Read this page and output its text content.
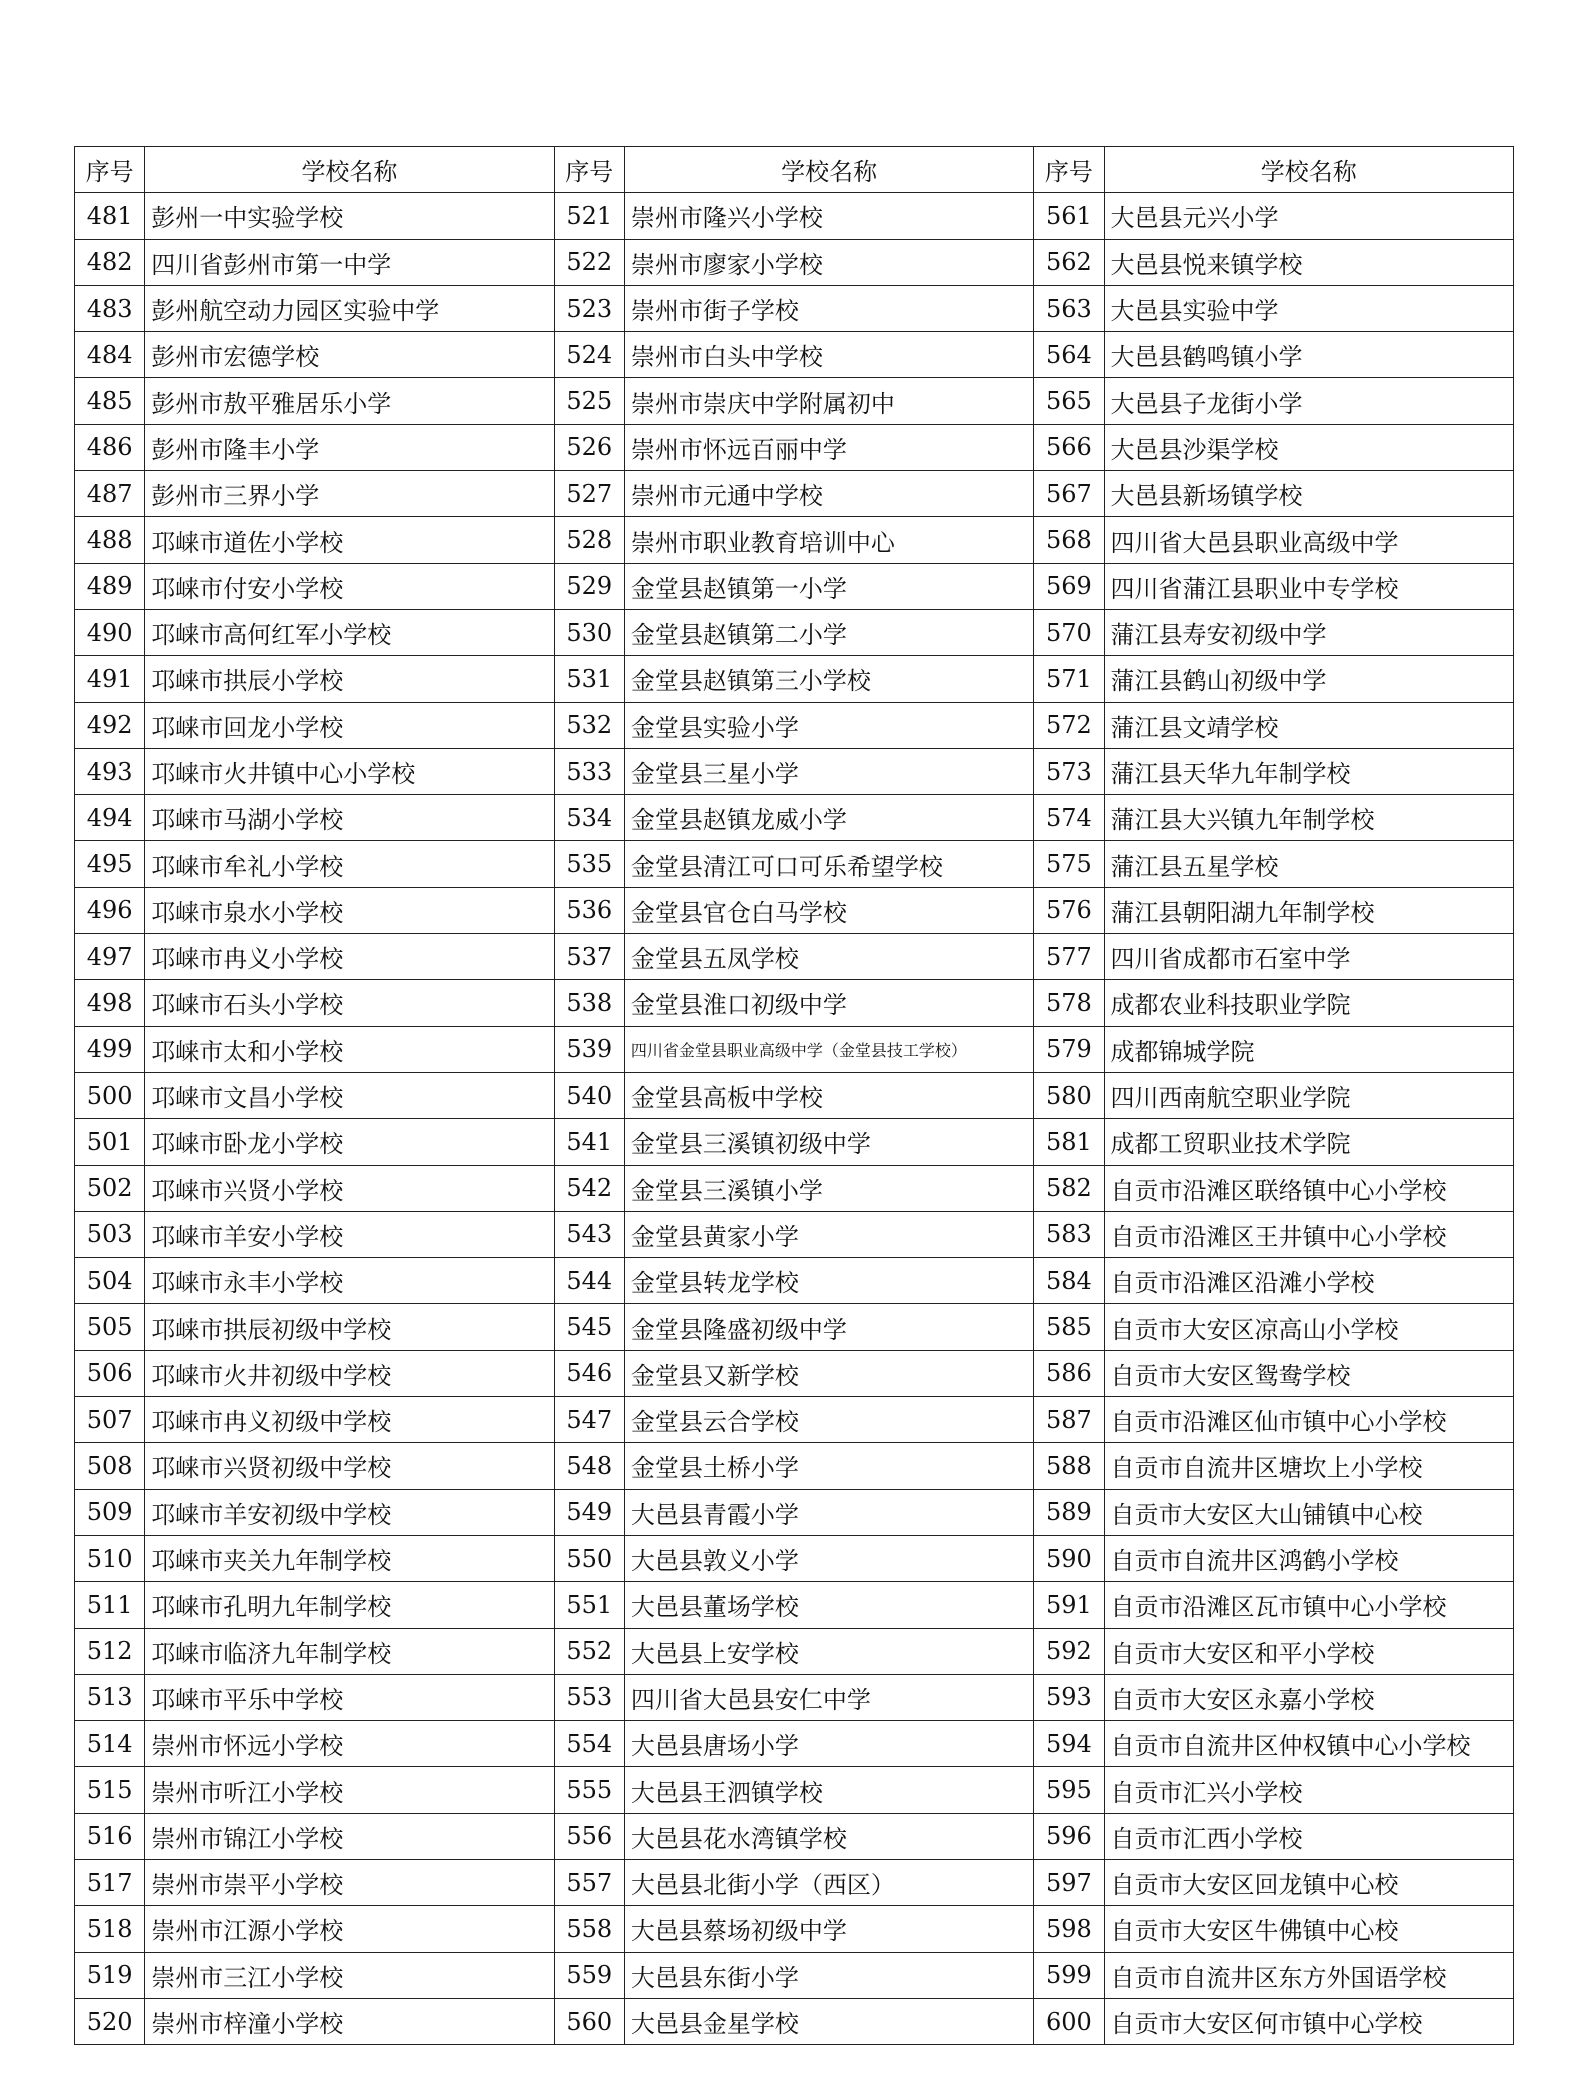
序号	学校名称	序号	学校名称	序号	学校名称
481	彭州一中实验学校	521	崇州市隆兴小学校	561	大邑县元兴小学
482	四川省彭州市第一中学	522	崇州市廖家小学校	562	大邑县悦来镇学校
483	彭州航空动力园区实验中学	523	崇州市街子学校	563	大邑县实验中学
484	彭州市宏德学校	524	崇州市白头中学校	564	大邑县鹤鸣镇小学
485	彭州市敖平雅居乐小学	525	崇州市崇庆中学附属初中	565	大邑县子龙街小学
486	彭州市隆丰小学	526	崇州市怀远百丽中学	566	大邑县沙渠学校
487	彭州市三界小学	527	崇州市元通中学校	567	大邑县新场镇学校
488	邛崃市道佐小学校	528	崇州市职业教育培训中心	568	四川省大邑县职业高级中学
489	邛崃市付安小学校	529	金堂县赵镇第一小学	569	四川省蒲江县职业中专学校
490	邛崃市高何红军小学校	530	金堂县赵镇第二小学	570	蒲江县寿安初级中学
491	邛崃市拱辰小学校	531	金堂县赵镇第三小学校	571	蒲江县鹤山初级中学
492	邛崃市回龙小学校	532	金堂县实验小学	572	蒲江县文靖学校
493	邛崃市火井镇中心小学校	533	金堂县三星小学	573	蒲江县天华九年制学校
494	邛崃市马湖小学校	534	金堂县赵镇龙威小学	574	蒲江县大兴镇九年制学校
495	邛崃市牟礼小学校	535	金堂县清江可口可乐希望学校	575	蒲江县五星学校
496	邛崃市泉水小学校	536	金堂县官仓白马学校	576	蒲江县朝阳湖九年制学校
497	邛崃市冉义小学校	537	金堂县五凤学校	577	四川省成都市石室中学
498	邛崃市石头小学校	538	金堂县淮口初级中学	578	成都农业科技职业学院
499	邛崃市太和小学校	539	四川省金堂县职业高级中学（金堂县技工学校）	579	成都锦城学院
500	邛崃市文昌小学校	540	金堂县高板中学校	580	四川西南航空职业学院
501	邛崃市卧龙小学校	541	金堂县三溪镇初级中学	581	成都工贸职业技术学院
502	邛崃市兴贤小学校	542	金堂县三溪镇小学	582	自贡市沿滩区联络镇中心小学校
503	邛崃市羊安小学校	543	金堂县黄家小学	583	自贡市沿滩区王井镇中心小学校
504	邛崃市永丰小学校	544	金堂县转龙学校	584	自贡市沿滩区沿滩小学校
505	邛崃市拱辰初级中学校	545	金堂县隆盛初级中学	585	自贡市大安区凉高山小学校
506	邛崃市火井初级中学校	546	金堂县又新学校	586	自贡市大安区鸳鸯学校
507	邛崃市冉义初级中学校	547	金堂县云合学校	587	自贡市沿滩区仙市镇中心小学校
508	邛崃市兴贤初级中学校	548	金堂县土桥小学	588	自贡市自流井区塘坎上小学校
509	邛崃市羊安初级中学校	549	大邑县青霞小学	589	自贡市大安区大山铺镇中心校
510	邛崃市夹关九年制学校	550	大邑县敦义小学	590	自贡市自流井区鸿鹤小学校
511	邛崃市孔明九年制学校	551	大邑县董场学校	591	自贡市沿滩区瓦市镇中心小学校
512	邛崃市临济九年制学校	552	大邑县上安学校	592	自贡市大安区和平小学校
513	邛崃市平乐中学校	553	四川省大邑县安仁中学	593	自贡市大安区永嘉小学校
514	崇州市怀远小学校	554	大邑县唐场小学	594	自贡市自流井区仲权镇中心小学校
515	崇州市听江小学校	555	大邑县王泗镇学校	595	自贡市汇兴小学校
516	崇州市锦江小学校	556	大邑县花水湾镇学校	596	自贡市汇西小学校
517	崇州市崇平小学校	557	大邑县北街小学（西区）	597	自贡市大安区回龙镇中心校
518	崇州市江源小学校	558	大邑县蔡场初级中学	598	自贡市大安区牛佛镇中心校
519	崇州市三江小学校	559	大邑县东街小学	599	自贡市自流井区东方外国语学校
520	崇州市梓潼小学校	560	大邑县金星学校	600	自贡市大安区何市镇中心学校
